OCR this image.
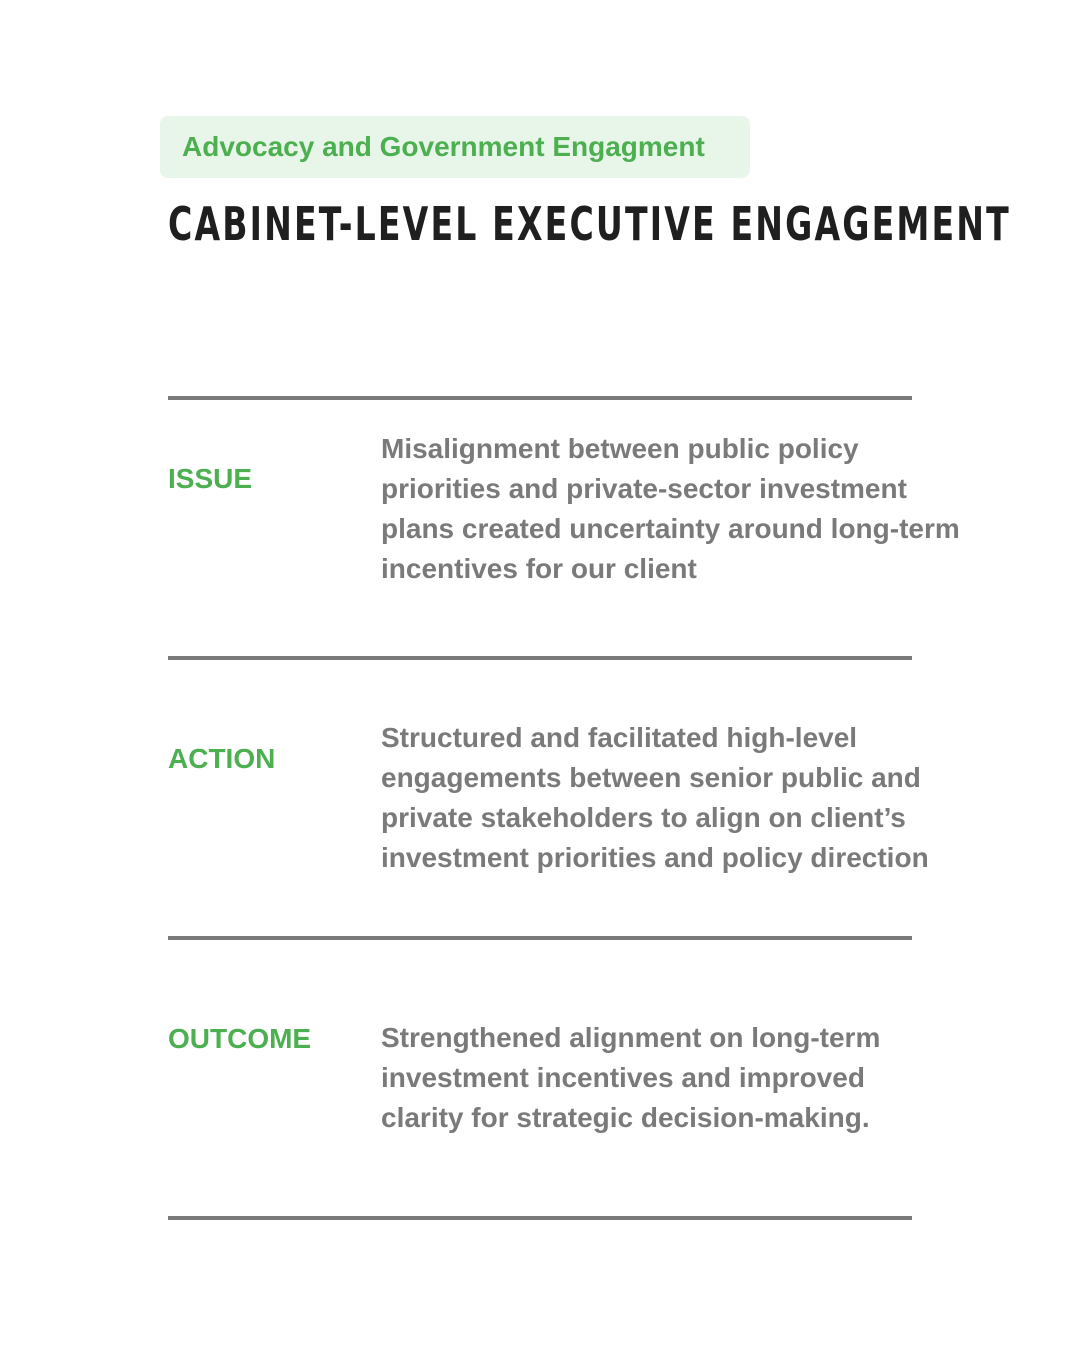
Advocacy and Government Engagment
CABINET-LEVEL EXECUTIVE ENGAGEMENT
ISSUE

Misalignment between public policy priorities and private-sector investment plans created uncertainty around long-term incentives for our client

ACTION

Structured and facilitated high-level engagements between senior public and private stakeholders to align on client’s investment priorities and policy direction

OUTCOME Strengthened alignment on long-term investment incentives and improved clarity for strategic decision-making.
